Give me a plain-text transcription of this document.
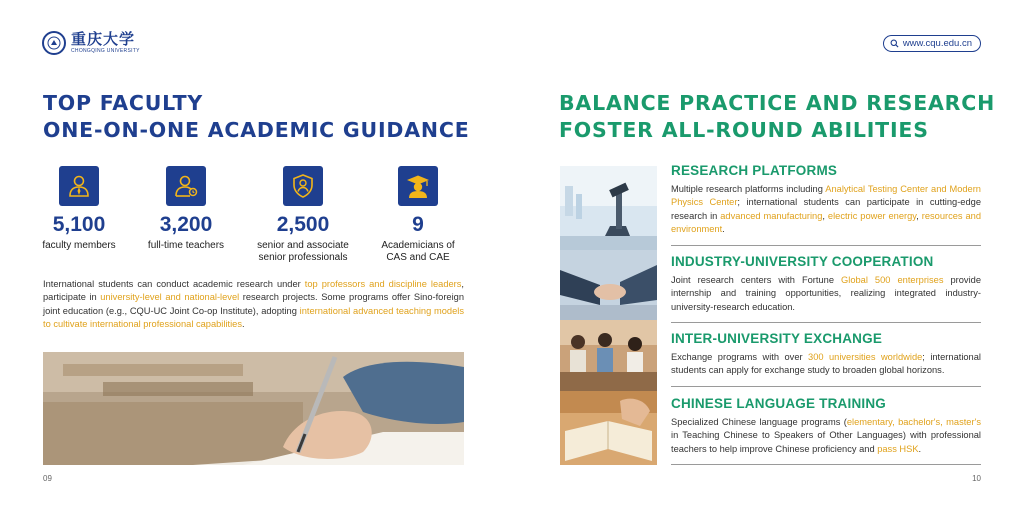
重庆大学
CHONGQING UNIVERSITY
www.cqu.edu.cn
TOP FACULTY
ONE-ON-ONE ACADEMIC GUIDANCE
5,100
faculty members
3,200
full-time teachers
2,500
senior and associate
senior professionals
9
Academicians of
CAS and CAE
International students can conduct academic research under top professors and discipline leaders, participate in university-level and national-level research projects. Some programs offer Sino-foreign joint education (e.g., CQU-UC Joint Co-op Institute), adopting international advanced teaching models to cultivate international professional capabilities.
BALANCE PRACTICE AND RESEARCH
FOSTER ALL-ROUND ABILITIES
RESEARCH PLATFORMS
Multiple research platforms including Analytical Testing Center and Modern Physics Center; international students can participate in cutting-edge research in advanced manufacturing, electric power energy, resources and environment.
INDUSTRY-UNIVERSITY COOPERATION
Joint research centers with Fortune Global 500 enterprises provide internship and training opportunities, realizing integrated industry-university-research education.
INTER-UNIVERSITY EXCHANGE
Exchange programs with over 300 universities worldwide; international students can apply for exchange study to broaden global horizons.
CHINESE LANGUAGE TRAINING
Specialized Chinese language programs (elementary, bachelor's, master's in Teaching Chinese to Speakers of Other Languages) with professional teachers to help improve Chinese proficiency and pass HSK.
09	10
